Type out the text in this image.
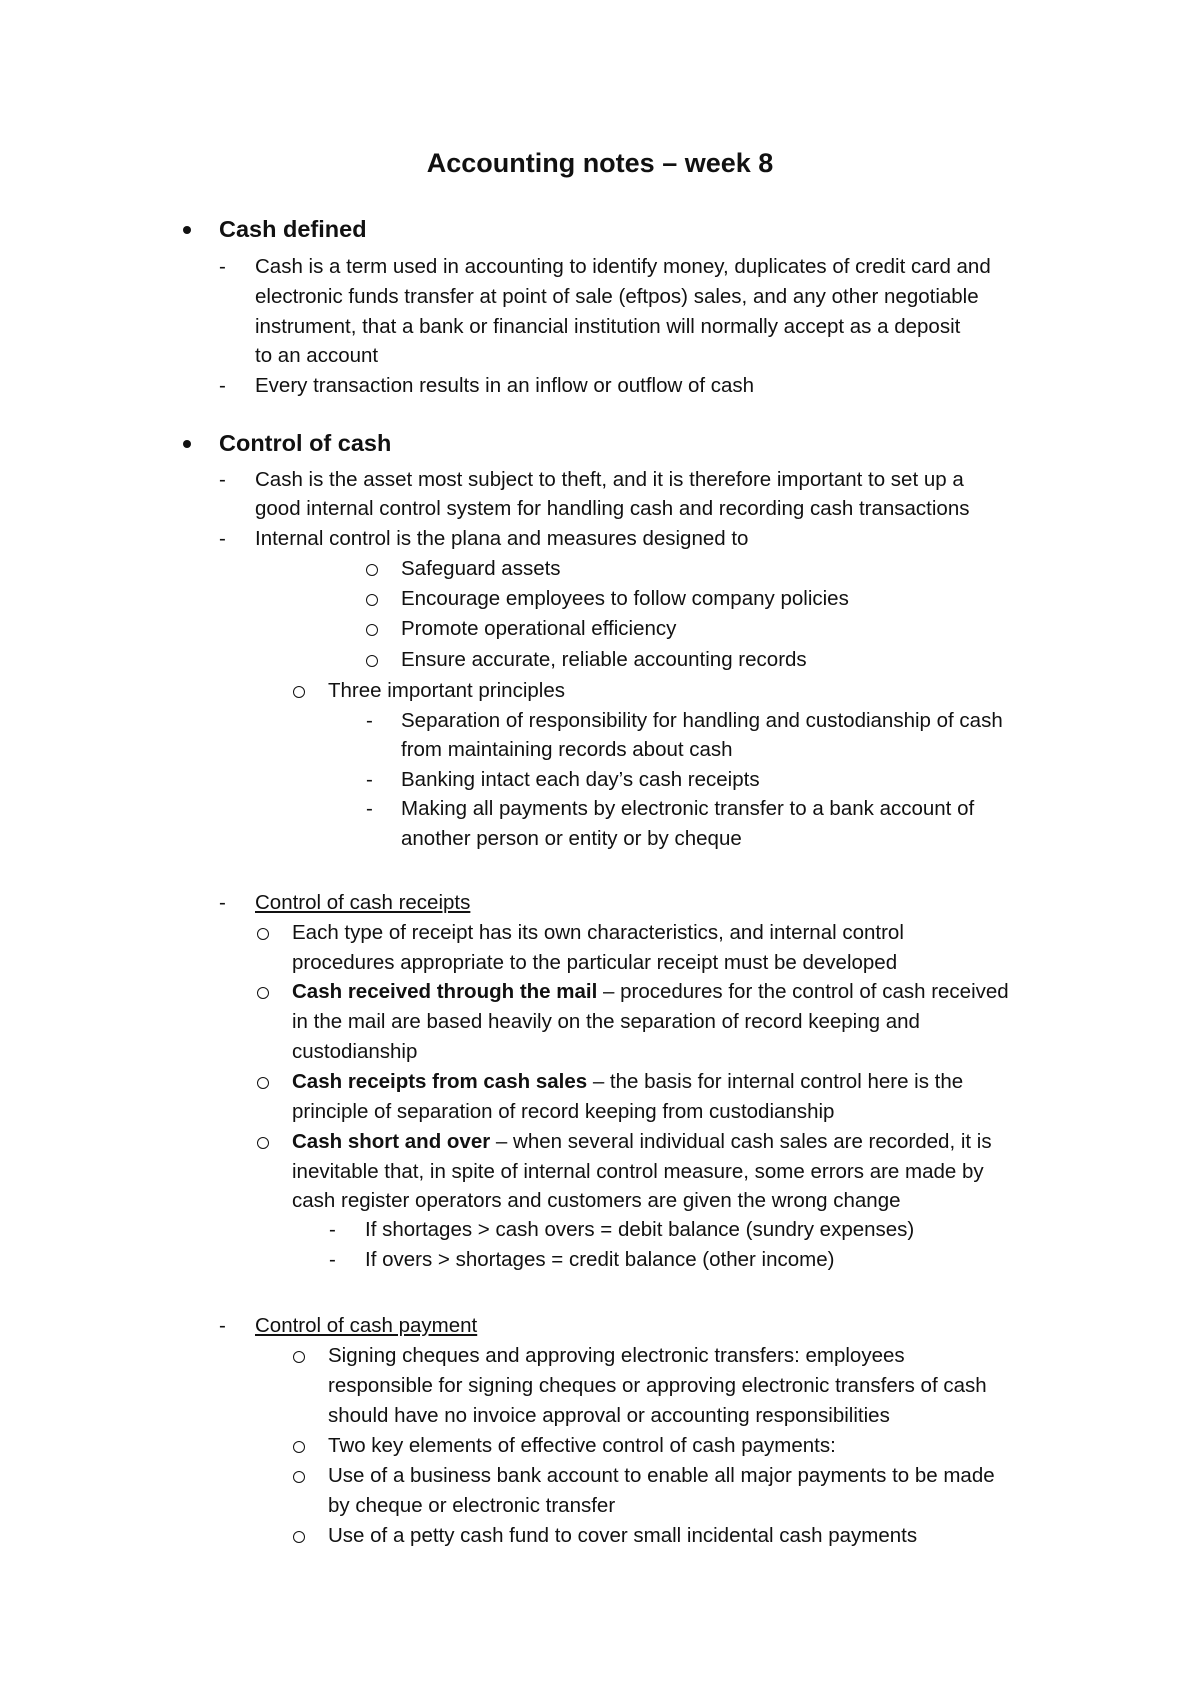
Accounting notes – week 8
Cash defined
- Cash is a term used in accounting to identify money, duplicates of credit card and
electronic funds transfer at point of sale (eftpos) sales, and any other negotiable
instrument, that a bank or financial institution will normally accept as a deposit
to an account
- Every transaction results in an inflow or outflow of cash
Control of cash
- Cash is the asset most subject to theft, and it is therefore important to set up a
good internal control system for handling cash and recording cash transactions
- Internal control is the plana and measures designed to
Safeguard assets
Encourage employees to follow company policies
Promote operational efficiency
Ensure accurate, reliable accounting records
Three important principles
- Separation of responsibility for handling and custodianship of cash
from maintaining records about cash
- Banking intact each day’s cash receipts
- Making all payments by electronic transfer to a bank account of
another person or entity or by cheque
- Control of cash receipts
Each type of receipt has its own characteristics, and internal control
procedures appropriate to the particular receipt must be developed
Cash received through the mail – procedures for the control of cash received
in the mail are based heavily on the separation of record keeping and
custodianship
Cash receipts from cash sales – the basis for internal control here is the
principle of separation of record keeping from custodianship
Cash short and over – when several individual cash sales are recorded, it is
inevitable that, in spite of internal control measure, some errors are made by
cash register operators and customers are given the wrong change
- If shortages > cash overs = debit balance (sundry expenses)
- If overs > shortages = credit balance (other income)
- Control of cash payment
Signing cheques and approving electronic transfers: employees
responsible for signing cheques or approving electronic transfers of cash
should have no invoice approval or accounting responsibilities
Two key elements of effective control of cash payments:
Use of a business bank account to enable all major payments to be made
by cheque or electronic transfer
Use of a petty cash fund to cover small incidental cash payments
